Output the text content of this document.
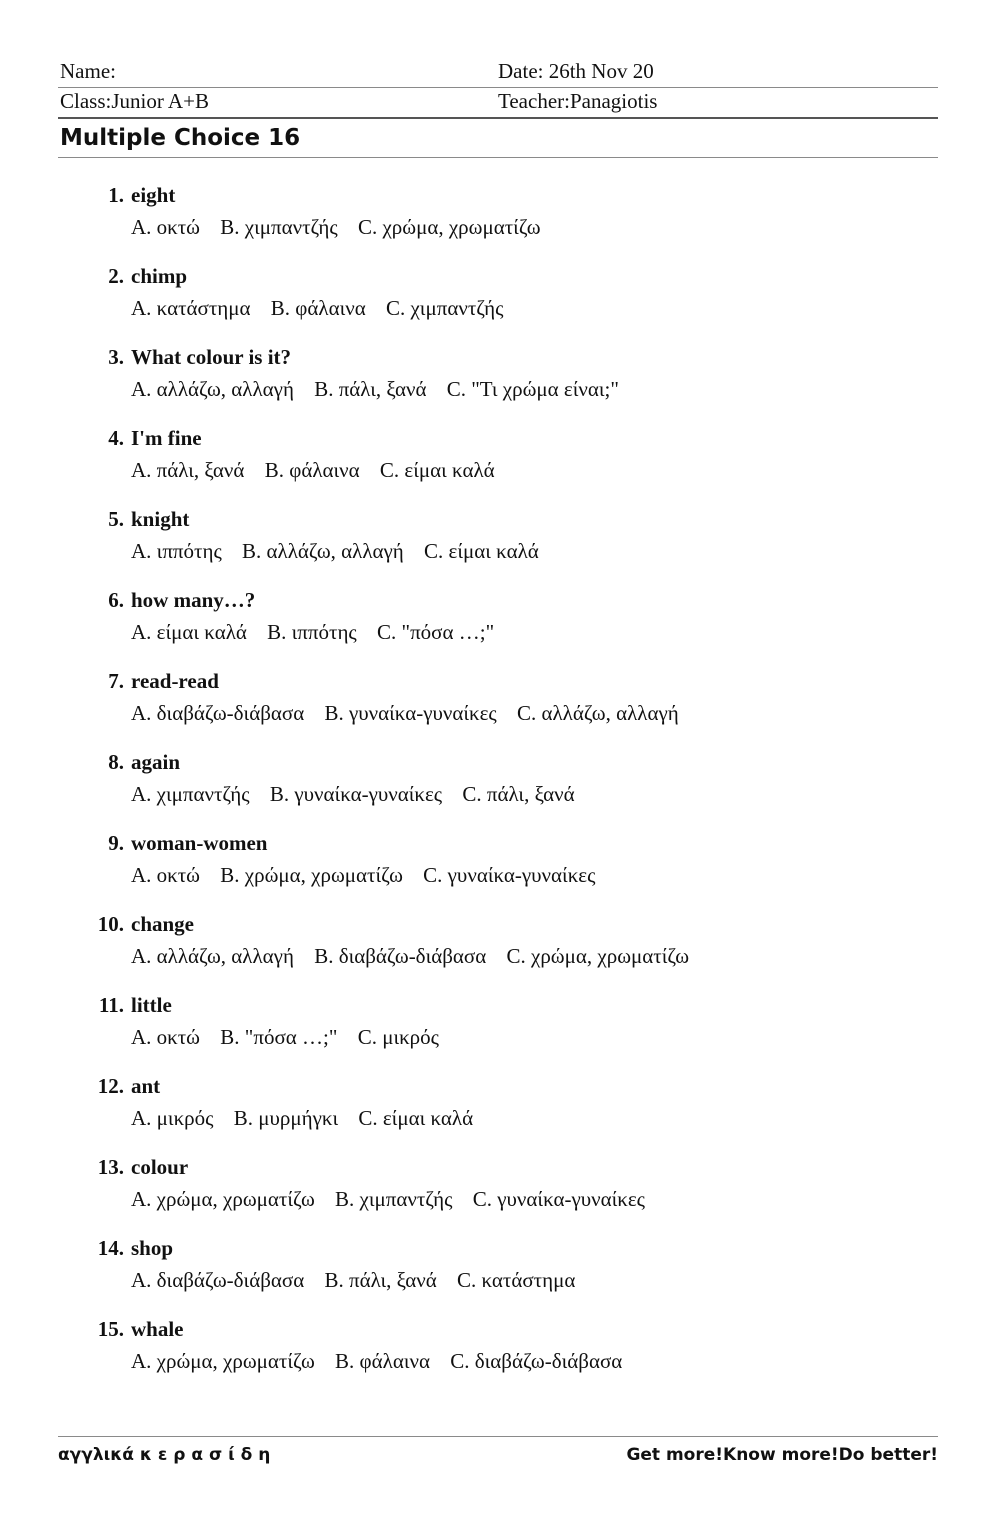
Name:	Date: 26th Nov 20
Class:Junior A+B	Teacher:Panagiotis
Multiple Choice 16
1. eight
A. οκτώ B. χιμπαντζής C. χρώμα, χρωματίζω
2. chimp
A. κατάστημα B. φάλαινα C. χιμπαντζής
3. What colour is it?
A. αλλάζω, αλλαγή B. πάλι, ξανά C. "Τι χρώμα είναι;"
4. I'm fine
A. πάλι, ξανά B. φάλαινα C. είμαι καλά
5. knight
A. ιππότης B. αλλάζω, αλλαγή C. είμαι καλά
6. how many…?
A. είμαι καλά B. ιππότης C. "πόσα …;"
7. read-read
A. διαβάζω-διάβασα B. γυναίκα-γυναίκες C. αλλάζω, αλλαγή
8. again
A. χιμπαντζής B. γυναίκα-γυναίκες C. πάλι, ξανά
9. woman-women
A. οκτώ B. χρώμα, χρωματίζω C. γυναίκα-γυναίκες
10. change
A. αλλάζω, αλλαγή B. διαβάζω-διάβασα C. χρώμα, χρωματίζω
11. little
A. οκτώ B. "πόσα …;" C. μικρός
12. ant
A. μικρός B. μυρμήγκι C. είμαι καλά
13. colour
A. χρώμα, χρωματίζω B. χιμπαντζής C. γυναίκα-γυναίκες
14. shop
A. διαβάζω-διάβασα B. πάλι, ξανά C. κατάστημα
15. whale
A. χρώμα, χρωματίζω B. φάλαινα C. διαβάζω-διάβασα
αγγλικά κ ε ρ α σ ί δ η	Get more!Know more!Do better!
